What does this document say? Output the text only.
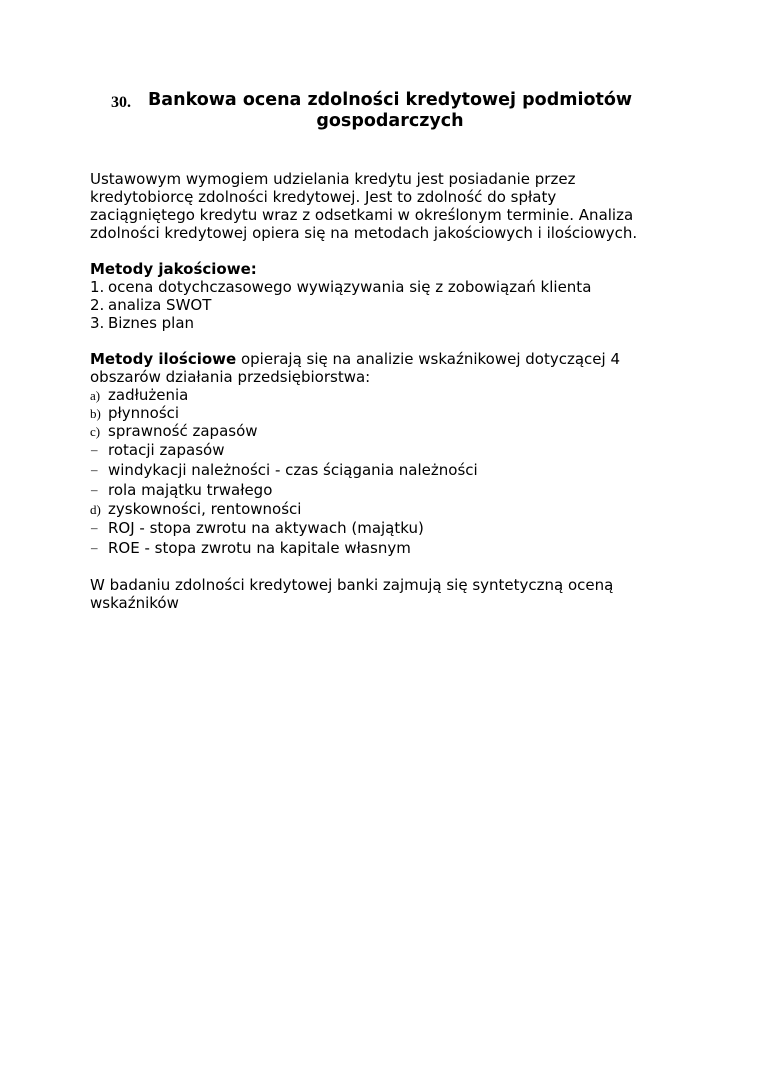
30. Bankowa ocena zdolności kredytowej podmiotów gospodarczych

Ustawowym wymogiem udzielania kredytu jest posiadanie przez kredytobiorcę zdolności kredytowej. Jest to zdolność do spłaty zaciągniętego kredytu wraz z odsetkami w określonym terminie. Analiza zdolności kredytowej opiera się na metodach jakościowych i ilościowych.

Metody jakościowe:

1. ocena dotychczasowego wywiązywania się z zobowiązań klienta
2. analiza SWOT
3. Biznes plan

Metody ilościowe opierają się na analizie wskaźnikowej dotyczącej 4 obszarów działania przedsiębiorstwa:

a) zadłużenia
b) płynności
c) sprawność zapasów
– rotacji zapasów
– windykacji należności - czas ściągania należności
– rola majątku trwałego
d) zyskowności, rentowności
– ROJ - stopa zwrotu na aktywach (majątku)
– ROE - stopa zwrotu na kapitale własnym

W badaniu zdolności kredytowej banki zajmują się syntetyczną oceną wskaźników
